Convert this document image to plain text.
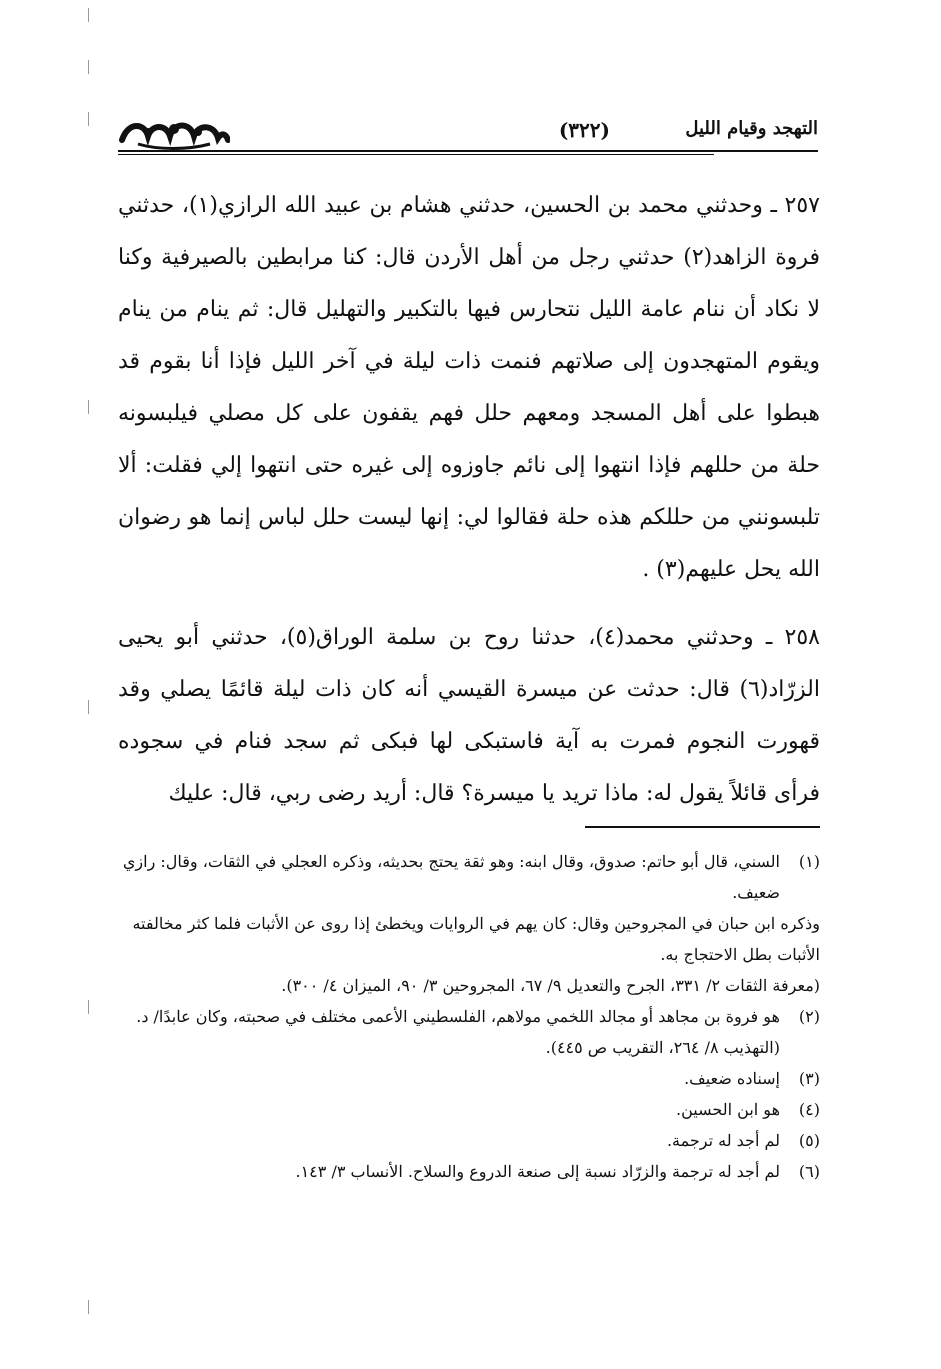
التهجد وقيام الليل
(٣٢٢)

٢٥٧ ـ وحدثني محمد بن الحسين، حدثني هشام بن عبيد الله الرازي(١)، حدثني فروة الزاهد(٢) حدثني رجل من أهل الأردن قال: كنا مرابطين بالصيرفية وكنا لا نكاد أن ننام عامة الليل نتحارس فيها بالتكبير والتهليل قال: ثم ينام من ينام ويقوم المتهجدون إلى صلاتهم فنمت ذات ليلة في آخر الليل فإذا أنا بقوم قد هبطوا على أهل المسجد ومعهم حلل فهم يقفون على كل مصلي فيلبسونه حلة من حللهم فإذا انتهوا إلى نائم جاوزوه إلى غيره حتى انتهوا إلي فقلت: ألا تلبسونني من حللكم هذه حلة فقالوا لي: إنها ليست حلل لباس إنما هو رضوان الله يحل عليهم(٣) .

٢٥٨ ـ وحدثني محمد(٤)، حدثنا روح بن سلمة الوراق(٥)، حدثني أبو يحيى الزرّاد(٦) قال: حدثت عن ميسرة القيسي أنه كان ذات ليلة قائمًا يصلي وقد قهورت النجوم فمرت به آية فاستبكى لها فبكى ثم سجد فنام في سجوده فرأى قائلاً يقول له: ماذا تريد يا ميسرة؟ قال: أريد رضى ربي، قال: عليك

(١)
السني، قال أبو حاتم: صدوق، وقال ابنه: وهو ثقة يحتج بحديثه، وذكره العجلي في الثقات، وقال: رازي ضعيف.
وذكره ابن حبان في المجروحين وقال: كان يهم في الروايات ويخطئ إذا روى عن الأثبات فلما كثر مخالفته الأثبات بطل الاحتجاج به.
(معرفة الثقات ٢/ ٣٣١، الجرح والتعديل ٩/ ٦٧، المجروحين ٣/ ٩٠، الميزان ٤/ ٣٠٠).
(٢)
هو فروة بن مجاهد أو مجالد اللخمي مولاهم، الفلسطيني الأعمى مختلف في صحبته، وكان عابدًا/ د. (التهذيب ٨/ ٢٦٤، التقريب ص ٤٤٥).
(٣)
إسناده ضعيف.
(٤)
هو ابن الحسين.
(٥)
لم أجد له ترجمة.
(٦)
لم أجد له ترجمة والزرّاد نسبة إلى صنعة الدروع والسلاح. الأنساب ٣/ ١٤٣.
